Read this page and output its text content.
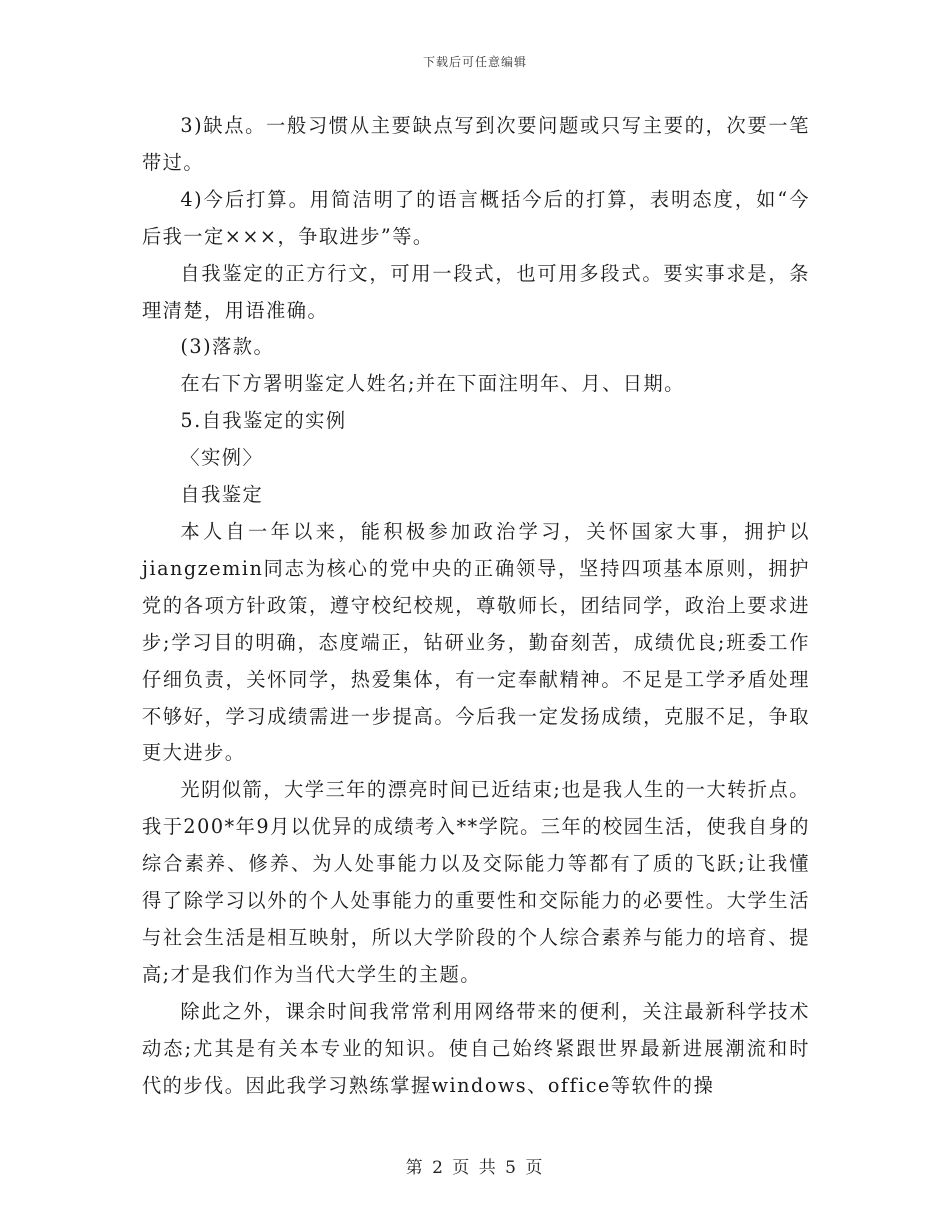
下载后可任意编辑

3)缺点。一般习惯从主要缺点写到次要问题或只写主要的，次要一笔带过。

4)今后打算。用简洁明了的语言概括今后的打算，表明态度，如“今后我一定×××，争取进步”等。

自我鉴定的正方行文，可用一段式，也可用多段式。要实事求是，条理清楚，用语准确。

(3)落款。

在右下方署明鉴定人姓名;并在下面注明年、月、日期。

5.自我鉴定的实例

〈实例〉

自我鉴定

本人自一年以来，能积极参加政治学习，关怀国家大事，拥护以jiangzemin同志为核心的党中央的正确领导，坚持四项基本原则，拥护党的各项方针政策，遵守校纪校规，尊敬师长，团结同学，政治上要求进步;学习目的明确，态度端正，钻研业务，勤奋刻苦，成绩优良;班委工作仔细负责，关怀同学，热爱集体，有一定奉献精神。不足是工学矛盾处理不够好，学习成绩需进一步提高。今后我一定发扬成绩，克服不足，争取更大进步。

光阴似箭，大学三年的漂亮时间已近结束;也是我人生的一大转折点。我于200*年9月以优异的成绩考入**学院。三年的校园生活，使我自身的综合素养、修养、为人处事能力以及交际能力等都有了质的飞跃;让我懂得了除学习以外的个人处事能力的重要性和交际能力的必要性。大学生活与社会生活是相互映射，所以大学阶段的个人综合素养与能力的培育、提高;才是我们作为当代大学生的主题。

除此之外，课余时间我常常利用网络带来的便利，关注最新科学技术动态;尤其是有关本专业的知识。使自己始终紧跟世界最新进展潮流和时代的步伐。因此我学习熟练掌握windows、office等软件的操

第 2 页 共 5 页
